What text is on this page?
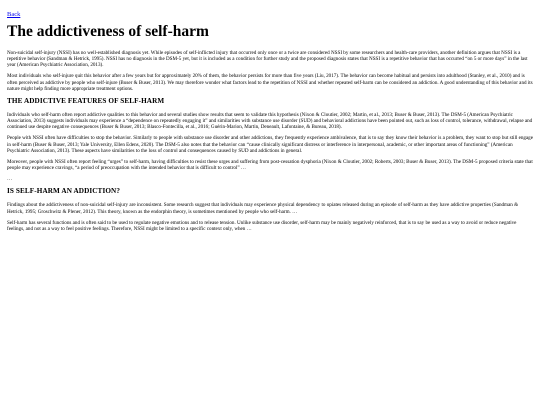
Back
The addictiveness of self-harm

Non-suicidal self-injury (NSSI) has no well-established diagnosis yet. While episodes of self-inflicted injury that occurred only once or a twice are considered NSSI by some researchers and health-care providers, another definition argues that NSSI is a repetitive behavior (Sandman & Hetrick, 1995). NSSI has no diagnosis in the DSM-5 yet, but it is included as a condition for further study and the proposed diagnosis states that NSSI is a repetitive behavior that has occurred “on 5 or more days” in the last year (American Psychiatric Association, 2013).

Most individuals who self-injure quit this behavior after a few years but for approximately 20% of them, the behavior persists for more than five years (Liu, 2017). The behavior can become habitual and persists into adulthood (Stanley, et al., 2010) and is often perceived as addictive by people who self-injure (Buser & Buser, 2013). We may therefore wonder what factors lead to the repetition of NSSI and whether repeated self-harm can be considered an addiction. A good understanding of this behavior and its nature might help finding more appropriate treatment options.

THE ADDICTIVE FEATURES OF SELF-HARM

Individuals who self-harm often report addictive qualities to this behavior and several studies show results that seem to validate this hypothesis (Nixon & Cloutier, 2002; Martin, et al., 2013; Buser & Buser, 2013). The DSM-5 (American Psychiatric Association, 2013) suggests individuals may experience a “dependence on repeatedly engaging it” and similarities with substance use disorder (SUD) and behavioral addictions have been pointed out, such as loss of control, tolerance, withdrawal, relapse and continued use despite negative consequences (Buser & Buser, 2013; Blasco-Fontecilla, et al., 2016; Guérin-Marion, Martin, Deneault, Lafontaine, & Bureau, 2018).

People with NSSI often have difficulties to stop the behavior. Similarly to people with substance use disorder and other addictions, they frequently experience ambivalence, that is to say they know their behavior is a problem, they want to stop but still engage in self-harm (Buser & Buser, 2013; Yale University, Ellen Edens, 2020). The DSM-5 also notes that the behavior can “cause clinically significant distress or interference in interpersonal, academic, or other important areas of functioning” (American Psychiatric Association, 2013). These aspects have similarities to the loss of control and consequences caused by SUD and addictions in general.

Moreover, people with NSSI often report feeling “urges” to self-harm, having difficulties to resist these urges and suffering from post-cessation dysphoria (Nixon & Cloutier, 2002; Roberts, 2003; Buser & Buser, 2013). The DSM-5 proposed criteria state that people may experience cravings, “a period of preoccupation with the intended behavior that is difficult to control” …

…

IS SELF-HARM AN ADDICTION?

Findings about the addictiveness of non-suicidal self-injury are inconsistent. Some research suggest that individuals may experience physical dependency to opiates released during an episode of self-harm as they have addictive properties (Sandman & Hetrick, 1995; Groschwitz & Plener, 2012). This theory, known as the endorphin theory, is sometimes mentioned by people who self-harm. …

Self-harm has several functions and is often said to be used to regulate negative emotions and to release tension. Unlike substance use disorder, self-harm may be mainly negatively reinforced, that is to say be used as a way to avoid or reduce negative feelings, and not as a way to feel positive feelings. Therefore, NSSI might be limited to a specific context only, when …
